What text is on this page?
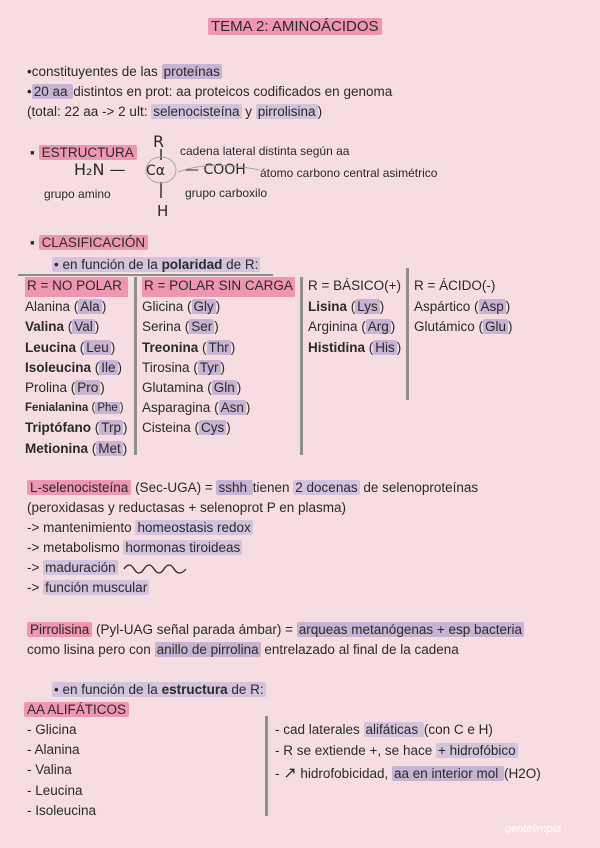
TEMA 2: AMINOÁCIDOS
•constituyentes de las proteínas
• 20 aa distintos en prot: aa proteicos codificados en genoma
(total: 22 aa -> 2 ult: selenocisteína y pirrolisina )
▪ ESTRUCTURA	cadena lateral distinta según aa
átomo carbono central asimétrico
grupo amino	grupo carboxilo
R
H₂N — Cα — COOH
H
▪ CLASIFICACIÓN
• en función de la polaridad de R:
R = NO POLAR
Alanina ( Ala )
Valina ( Val )
Leucina ( Leu )
Isoleucina ( Ile )
Prolina ( Pro )
Fenialanina ( Phe )
Triptófano ( Trp )
Metionina ( Met )
R = POLAR SIN CARGA
Glicina ( Gly )
Serina ( Ser )
Treonina ( Thr )
Tirosina ( Tyr )
Glutamina ( Gln )
Asparagina ( Asn )
Cisteina ( Cys )
R = BÁSICO(+)
Lisina ( Lys )
Arginina ( Arg )
Histidina ( His )
R = ÁCIDO(-)
Aspártico ( Asp )
Glutámico ( Glu )
L-selenocisteína (Sec-UGA) = sshh tienen 2 docenas de selenoproteínas
(peroxidasas y reductasas + selenoprot P en plasma)
-> mantenimiento homeostasis redox
-> metabolismo hormonas tiroideas
-> maduración
-> función muscular
Pirrolisina (Pyl-UAG señal parada ámbar) = arqueas metanógenas + esp bacteria
como lisina pero con anillo de pirrolina entrelazado al final de la cadena
• en función de la estructura de R:
AA ALIFÁTICOS
- Glicina
- Alanina
- Valina
- Leucina
- Isoleucina
- cad laterales alifáticas (con C e H)
- R se extiende +, se hace + hidrofóbico
- ↗ hidrofobicidad, aa en interior mol (H2O)
gentelimpia
